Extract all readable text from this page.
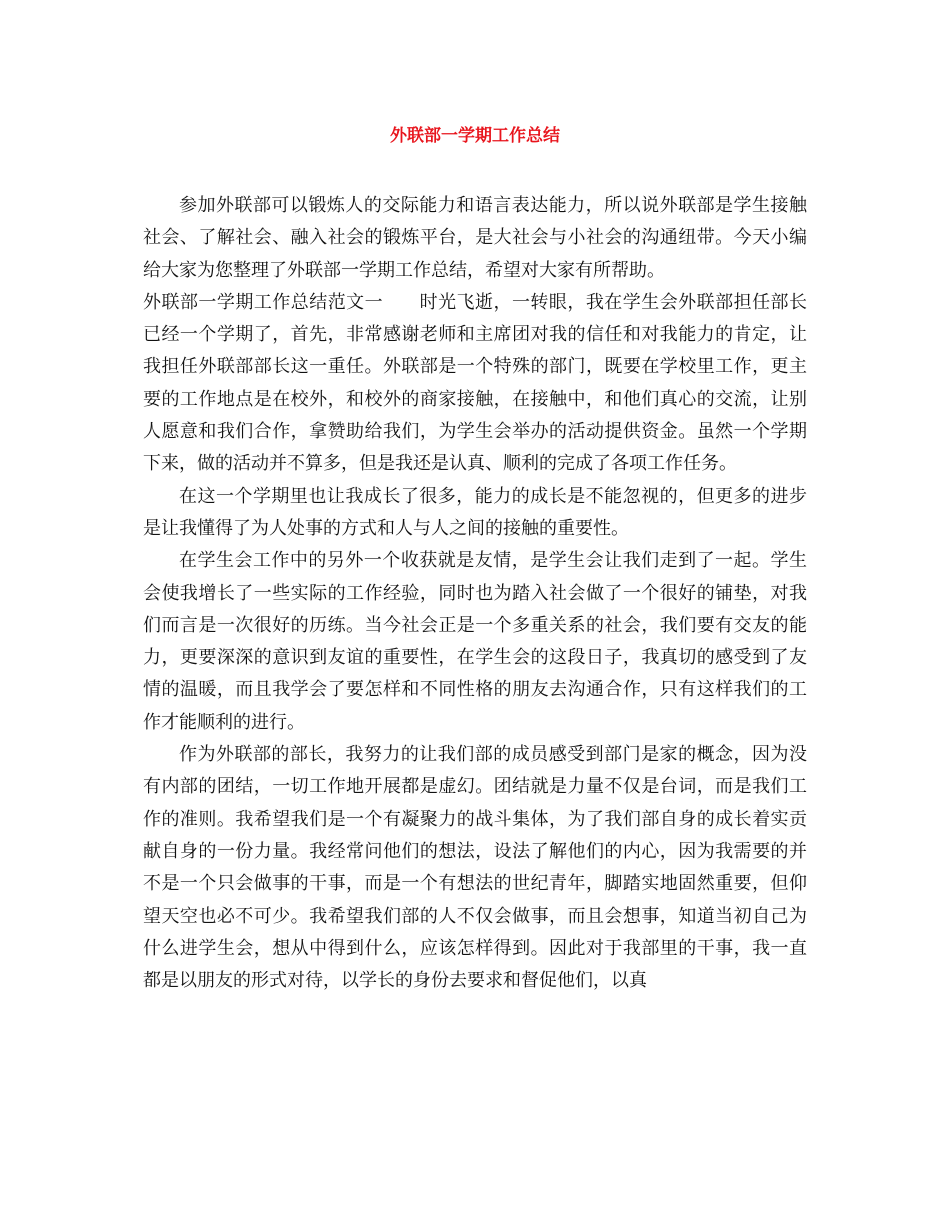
外联部一学期工作总结

参加外联部可以锻炼人的交际能力和语言表达能力，所以说外联部是学生接触社会、了解社会、融入社会的锻炼平台，是大社会与小社会的沟通纽带。今天小编给大家为您整理了外联部一学期工作总结，希望对大家有所帮助。

外联部一学期工作总结范文一 时光飞逝，一转眼，我在学生会外联部担任部长已经一个学期了，首先，非常感谢老师和主席团对我的信任和对我能力的肯定，让我担任外联部部长这一重任。外联部是一个特殊的部门，既要在学校里工作，更主要的工作地点是在校外，和校外的商家接触，在接触中，和他们真心的交流，让别人愿意和我们合作，拿赞助给我们，为学生会举办的活动提供资金。虽然一个学期下来，做的活动并不算多，但是我还是认真、顺利的完成了各项工作任务。

在这一个学期里也让我成长了很多，能力的成长是不能忽视的，但更多的进步是让我懂得了为人处事的方式和人与人之间的接触的重要性。

在学生会工作中的另外一个收获就是友情，是学生会让我们走到了一起。学生会使我增长了一些实际的工作经验，同时也为踏入社会做了一个很好的铺垫，对我们而言是一次很好的历练。当今社会正是一个多重关系的社会，我们要有交友的能力，更要深深的意识到友谊的重要性，在学生会的这段日子，我真切的感受到了友情的温暖，而且我学会了要怎样和不同性格的朋友去沟通合作，只有这样我们的工作才能顺利的进行。

作为外联部的部长，我努力的让我们部的成员感受到部门是家的概念，因为没有内部的团结，一切工作地开展都是虚幻。团结就是力量不仅是台词，而是我们工作的准则。我希望我们是一个有凝聚力的战斗集体，为了我们部自身的成长着实贡献自身的一份力量。我经常问他们的想法，设法了解他们的内心，因为我需要的并不是一个只会做事的干事，而是一个有想法的世纪青年，脚踏实地固然重要，但仰望天空也必不可少。我希望我们部的人不仅会做事，而且会想事，知道当初自己为什么进学生会，想从中得到什么，应该怎样得到。因此对于我部里的干事，我一直都是以朋友的形式对待，以学长的身份去要求和督促他们，以真
